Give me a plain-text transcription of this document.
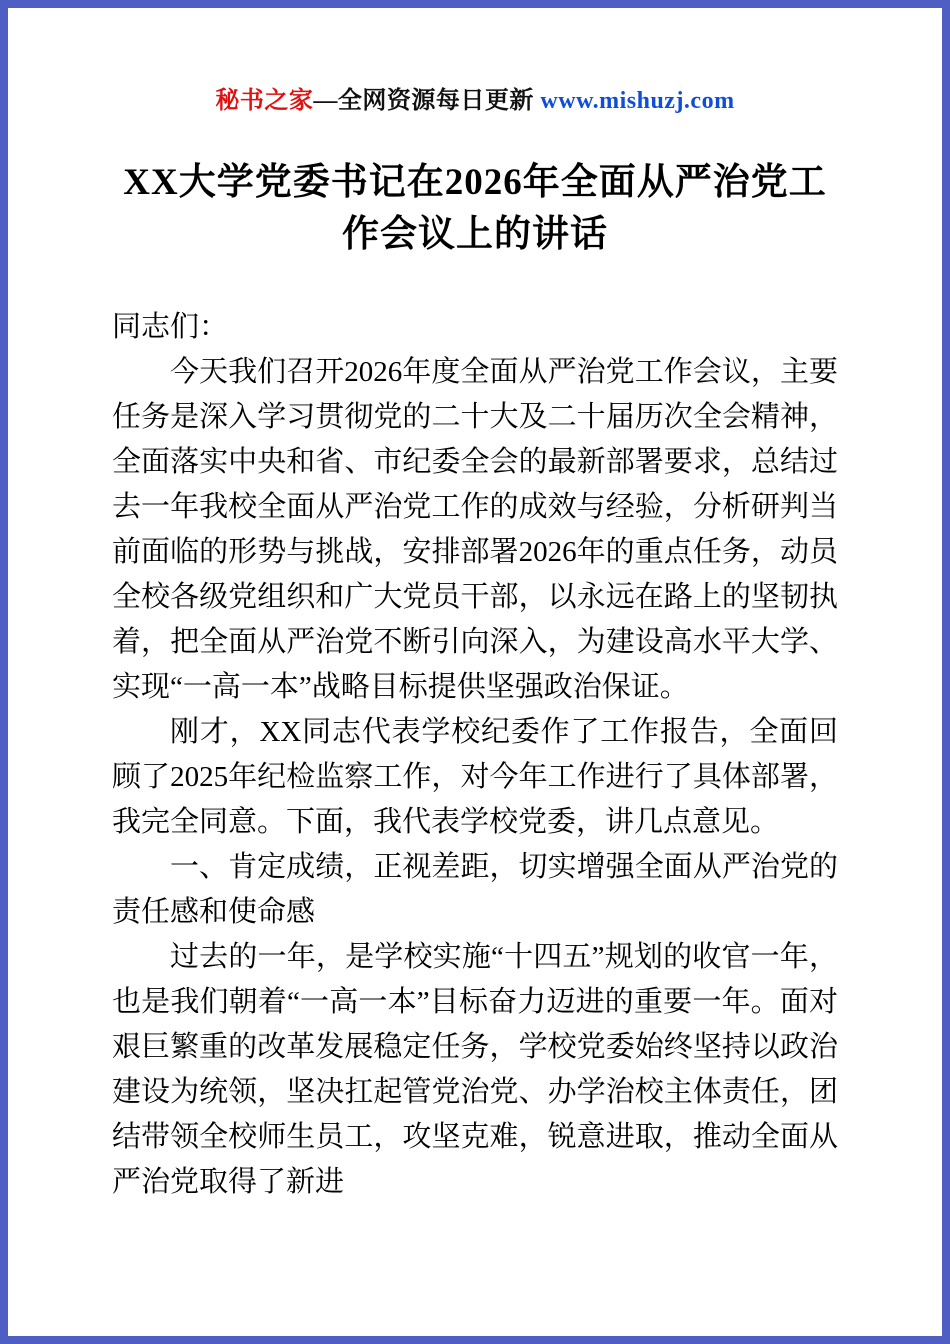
秘书之家—全网资源每日更新 www.mishuzj.com
XX大学党委书记在2026年全面从严治党工作会议上的讲话

同志们：

今天我们召开2026年度全面从严治党工作会议，主要任务是深入学习贯彻党的二十大及二十届历次全会精神，全面落实中央和省、市纪委全会的最新部署要求，总结过去一年我校全面从严治党工作的成效与经验，分析研判当前面临的形势与挑战，安排部署2026年的重点任务，动员全校各级党组织和广大党员干部，以永远在路上的坚韧执着，把全面从严治党不断引向深入，为建设高水平大学、实现“一高一本”战略目标提供坚强政治保证。

刚才，XX同志代表学校纪委作了工作报告，全面回顾了2025年纪检监察工作，对今年工作进行了具体部署，我完全同意。下面，我代表学校党委，讲几点意见。

一、肯定成绩，正视差距，切实增强全面从严治党的责任感和使命感

过去的一年，是学校实施“十四五”规划的收官一年，也是我们朝着“一高一本”目标奋力迈进的重要一年。面对艰巨繁重的改革发展稳定任务，学校党委始终坚持以政治建设为统领，坚决扛起管党治党、办学治校主体责任，团结带领全校师生员工，攻坚克难，锐意进取，推动全面从严治党取得了新进
